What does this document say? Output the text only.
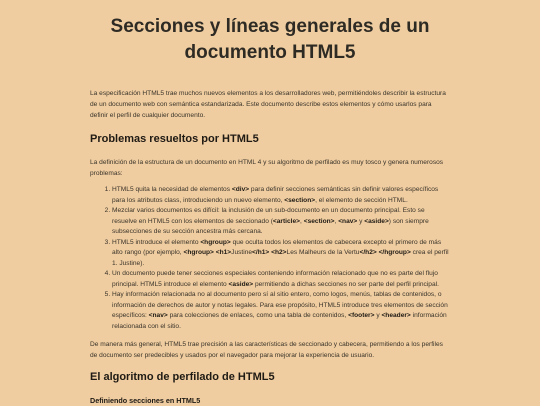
Secciones y líneas generales de un documento HTML5

La especificación HTML5 trae muchos nuevos elementos a los desarrolladores web, permitiéndoles describir la estructura de un documento web con semántica estandarizada. Este documento describe estos elementos y cómo usarlos para definir el perfil de cualquier documento.

Problemas resueltos por HTML5

La definición de la estructura de un documento en HTML 4 y su algoritmo de perfilado es muy tosco y genera numerosos problemas:

1. HTML5 quita la necesidad de elementos <div> para definir secciones semánticas sin definir valores específicos para los atributos class, introduciendo un nuevo elemento, <section>, el elemento de sección HTML.
2. Mezclar varios documentos es difícil: la inclusión de un sub-documento en un documento principal. Esto se resuelve en HTML5 con los elementos de seccionado (<article>, <section>, <nav> y <aside>) son siempre subsecciones de su sección ancestra más cercana.
3. HTML5 introduce el elemento <hgroup> que oculta todos los elementos de cabecera excepto el primero de más alto rango (por ejemplo, <hgroup> <h1>Justine</h1> <h2>Les Malheurs de la Vertu</h2> </hgroup> crea el perfil 1. Justine).
4. Un documento puede tener secciones especiales conteniendo información relacionado que no es parte del flujo principal. HTML5 introduce el elemento <aside> permitiendo a dichas secciones no ser parte del perfil principal.
5. Hay información relacionada no al documento pero sí al sitio entero, como logos, menús, tablas de contenidos, o información de derechos de autor y notas legales. Para ese propósito, HTML5 introduce tres elementos de sección específicos: <nav> para colecciones de enlaces, como una tabla de contenidos, <footer> y <header> información relacionada con el sitio.

De manera más general, HTML5 trae precisión a las características de seccionado y cabecera, permitiendo a los perfiles de documento ser predecibles y usados por el navegador para mejorar la experiencia de usuario.

El algoritmo de perfilado de HTML5
Definiendo secciones en HTML5
